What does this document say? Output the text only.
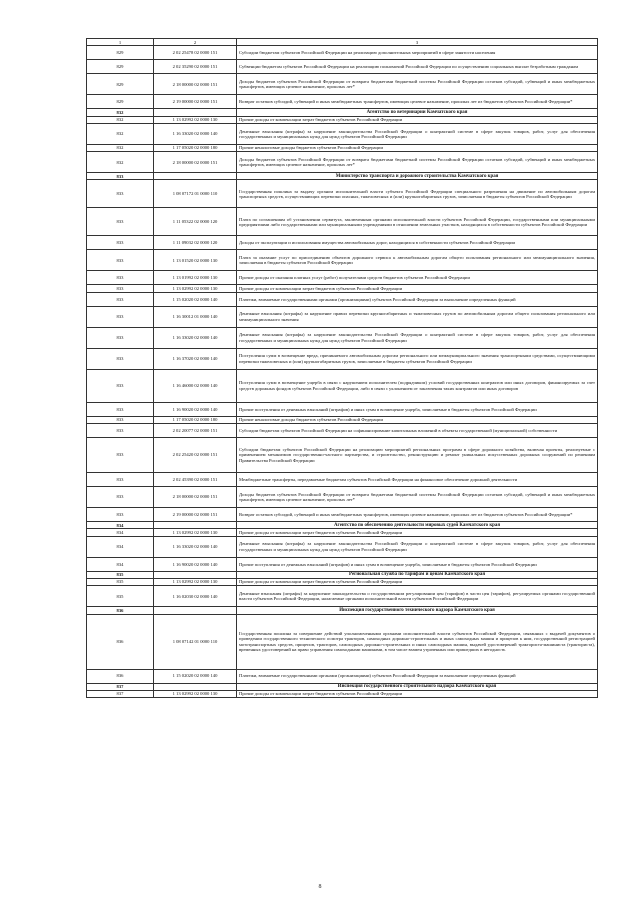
1	2	3
829	2 02 25478 02 0000 151	Субсидии бюджетам субъектов Российской Федерации на реализацию дополнительных мероприятий в сфере занятости населения
829	2 02 35290 02 0000 151	Субвенции бюджетам субъектов Российской Федерации на реализацию полномочий Российской Федерации по осуществлению социальных выплат безработным гражданам
829	2 18 00000 02 0000 151	Доходы бюджетов субъектов Российской Федерации от возврата бюджетами бюджетной системы Российской Федерации остатков субсидий, субвенций и иных межбюджетных трансфертов, имеющих целевое назначение, прошлых лет*
829	2 19 00000 02 0000 151	Возврат остатков субсидий, субвенций и иных межбюджетных трансфертов, имеющих целевое назначение, прошлых лет из бюджетов субъектов Российской Федерации*
832		Агентство по ветеринарии Камчатского края
832	1 13 02992 02 0000 130	Прочие доходы от компенсации затрат бюджетов субъектов Российской Федерации
832	1 16 33020 02 0000 140	Денежные взыскания (штрафы) за нарушение законодательства Российской Федерации о контрактной системе в сфере закупок товаров, работ, услуг для обеспечения государственных и муниципальных нужд для нужд субъектов Российской Федерации
832	1 17 05020 02 0000 180	Прочие неналоговые доходы бюджетов субъектов Российской Федерации
832	2 18 00000 02 0000 151	Доходы бюджетов субъектов Российской Федерации от возврата бюджетами бюджетной системы Российской Федерации остатков субсидий, субвенций и иных межбюджетных трансфертов, имеющих целевое назначение, прошлых лет*
833		Министерство транспорта и дорожного строительства Камчатского края
833	1 08 07172 01 0000 110	Государственная пошлина за выдачу органом исполнительной власти субъекта Российской Федерации специального разрешения на движение по автомобильным дорогам транспортных средств, осуществляющих перевозки опасных, тяжеловесных и (или) крупногабаритных грузов, зачисляемая в бюджеты субъектов Российской Федерации
833	1 11 05322 02 0000 120	Плата по соглашениям об установлении сервитута, заключенным органами исполнительной власти субъектов Российской Федерации, государственными или муниципальными предприятиями либо государственными или муниципальными учреждениями в отношении земельных участков, находящихся в собственности субъектов Российской Федерации
833	1 11 09032 02 0000 120	Доходы от эксплуатации и использования имущества автомобильных дорог, находящихся в собственности субъектов Российской Федерации
833	1 13 01520 02 0000 130	Плата за оказание услуг по присоединению объектов дорожного сервиса к автомобильным дорогам общего пользования регионального или межмуниципального значения, зачисляемая в бюджеты субъектов Российской Федерации
833	1 13 01992 02 0000 130	Прочие доходы от оказания платных услуг (работ) получателями средств бюджетов субъектов Российской Федерации
833	1 13 02992 02 0000 130	Прочие доходы от компенсации затрат бюджетов субъектов Российской Федерации
833	1 15 02020 02 0000 140	Платежи, взимаемые государственными органами (организациями) субъектов Российской Федерации за выполнение определенных функций
833	1 16 30012 01 0000 140	Денежные взыскания (штрафы) за нарушение правил перевозки крупногабаритных и тяжеловесных грузов по автомобильным дорогам общего пользования регионального или межмуниципального значения
833	1 16 33020 02 0000 140	Денежные взыскания (штрафы) за нарушение законодательства Российской Федерации о контрактной системе в сфере закупок товаров, работ, услуг для обеспечения государственных и муниципальных нужд для нужд субъектов Российской Федерации
833	1 16 37020 02 0000 140	Поступления сумм в возмещение вреда, причиняемого автомобильным дорогам регионального или межмуниципального значения транспортными средствами, осуществляющими перевозки тяжеловесных и (или) крупногабаритных грузов, зачисляемые в бюджеты субъектов Российской Федерации
833	1 16 46000 02 0000 140	Поступления сумм в возмещение ущерба в связи с нарушением исполнителем (подрядчиком) условий государственных контрактов или иных договоров, финансируемых за счет средств дорожных фондов субъектов Российской Федерации, либо в связи с уклонением от заключения таких контрактов или иных договоров
833	1 16 90020 02 0000 140	Прочие поступления от денежных взысканий (штрафов) и иных сумм в возмещение ущерба, зачисляемые в бюджеты субъектов Российской Федерации
833	1 17 05020 02 0000 180	Прочие неналоговые доходы бюджетов субъектов Российской Федерации
833	2 02 20077 02 0000 151	Субсидии бюджетам субъектов Российской Федерации на софинансирование капитальных вложений в объекты государственной (муниципальной) собственности
833	2 02 25420 02 0000 151	Субсидии бюджетам субъектов Российской Федерации на реализацию мероприятий региональных программ в сфере дорожного хозяйства, включая проекты, реализуемые с применением механизмов государственно-частного партнерства, и строительство, реконструкцию и ремонт уникальных искусственных дорожных сооружений по решениям Правительства Российской Федерации
833	2 02 45390 02 0000 151	Межбюджетные трансферты, передаваемые бюджетам субъектов Российской Федерации на финансовое обеспечение дорожной деятельности
833	2 18 00000 02 0000 151	Доходы бюджетов субъектов Российской Федерации от возврата бюджетами бюджетной системы Российской Федерации остатков субсидий, субвенций и иных межбюджетных трансфертов, имеющих целевое назначение, прошлых лет*
833	2 19 00000 02 0000 151	Возврат остатков субсидий, субвенций и иных межбюджетных трансфертов, имеющих целевое назначение, прошлых лет из бюджетов субъектов Российской Федерации*
834		Агентство по обеспечению деятельности мировых судей Камчатского края
834	1 13 02992 02 0000 130	Прочие доходы от компенсации затрат бюджетов субъектов Российской Федерации
834	1 16 33020 02 0000 140	Денежные взыскания (штрафы) за нарушение законодательства Российской Федерации о контрактной системе в сфере закупок товаров, работ, услуг для обеспечения государственных и муниципальных нужд для нужд субъектов Российской Федерации
834	1 16 90020 02 0000 140	Прочие поступления от денежных взысканий (штрафов) и иных сумм в возмещение ущерба, зачисляемые в бюджеты субъектов Российской Федерации
835		Региональная служба по тарифам и ценам Камчатского края
835	1 13 02992 02 0000 130	Прочие доходы от компенсации затрат бюджетов субъектов Российской Федерации
835	1 16 02030 02 0000 140	Денежные взыскания (штрафы) за нарушение законодательства о государственном регулировании цен (тарифов) в части цен (тарифов), регулируемых органами государственной власти субъектов Российской Федерации, налагаемые органами исполнительной власти субъектов Российской Федерации
836		Инспекция государственного технического надзора Камчатского края
836	1 08 07142 01 0000 110	Государственная пошлина за совершение действий уполномоченными органами исполнительной власти субъектов Российской Федерации, связанных с выдачей документов о проведении государственного технического осмотра тракторов, самоходных дорожно-строительных и иных самоходных машин и прицепов к ним, государственной регистрацией мототранспортных средств, прицепов, тракторов, самоходных дорожно-строительных и иных самоходных машин, выдачей удостоверений тракториста-машиниста (тракториста), временных удостоверений на право управления самоходными машинами, в том числе взамен утраченных или пришедших в негодность
836	1 15 02020 02 0000 140	Платежи, взимаемые государственными органами (организациями) субъектов Российской Федерации за выполнение определенных функций
837		Инспекция государственного строительного надзора Камчатского края
837	1 13 02992 02 0000 130	Прочие доходы от компенсации затрат бюджетов субъектов Российской Федерации
8
